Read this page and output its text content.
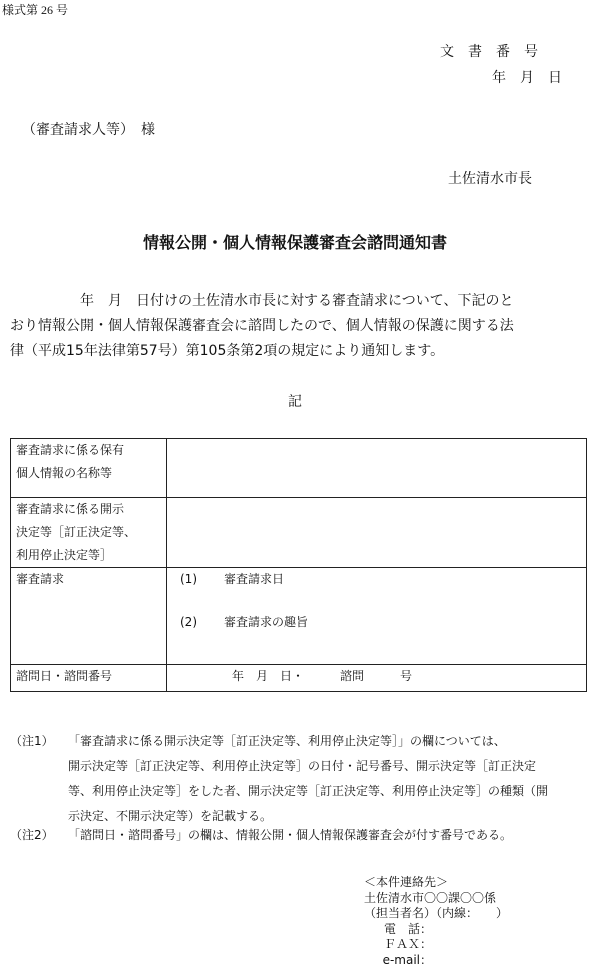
様式第 26 号
文　書　番　号
年　月　日
（審査請求人等）　様
土佐清水市長
情報公開・個人情報保護審査会諮問通知書

　　　　　年　月　日付けの土佐清水市長に対する審査請求について、下記のと

おり情報公開・個人情報保護審査会に諮問したので、個人情報の保護に関する法

律（平成15年法律第57号）第105条第2項の規定により通知します。

記
審査請求に係る保有
個人情報の名称等	

審査請求に係る開示
決定等［訂正決定等、
利用停止決定等］	

審査請求	(1) 審査請求日
(2) 審査請求の趣旨

諮問日・諮問番号	　　　　　年　月　日・　　　諮問　　　号
（注1） 「審査請求に係る開示決定等［訂正決定等、利用停止決定等］」の欄については、
開示決定等［訂正決定等、利用停止決定等］の日付・記号番号、開示決定等［訂正決定
等、利用停止決定等］をした者、開示決定等［訂正決定等、利用停止決定等］の種類（開
示決定、不開示決定等）を記載する。
（注2） 「諮問日・諮問番号」の欄は、情報公開・個人情報保護審査会が付す番号である。
＜本件連絡先＞
土佐清水市〇〇課〇〇係
（担当者名）（内線：　　）
電　話：
ＦＡＸ：
e-mail：
